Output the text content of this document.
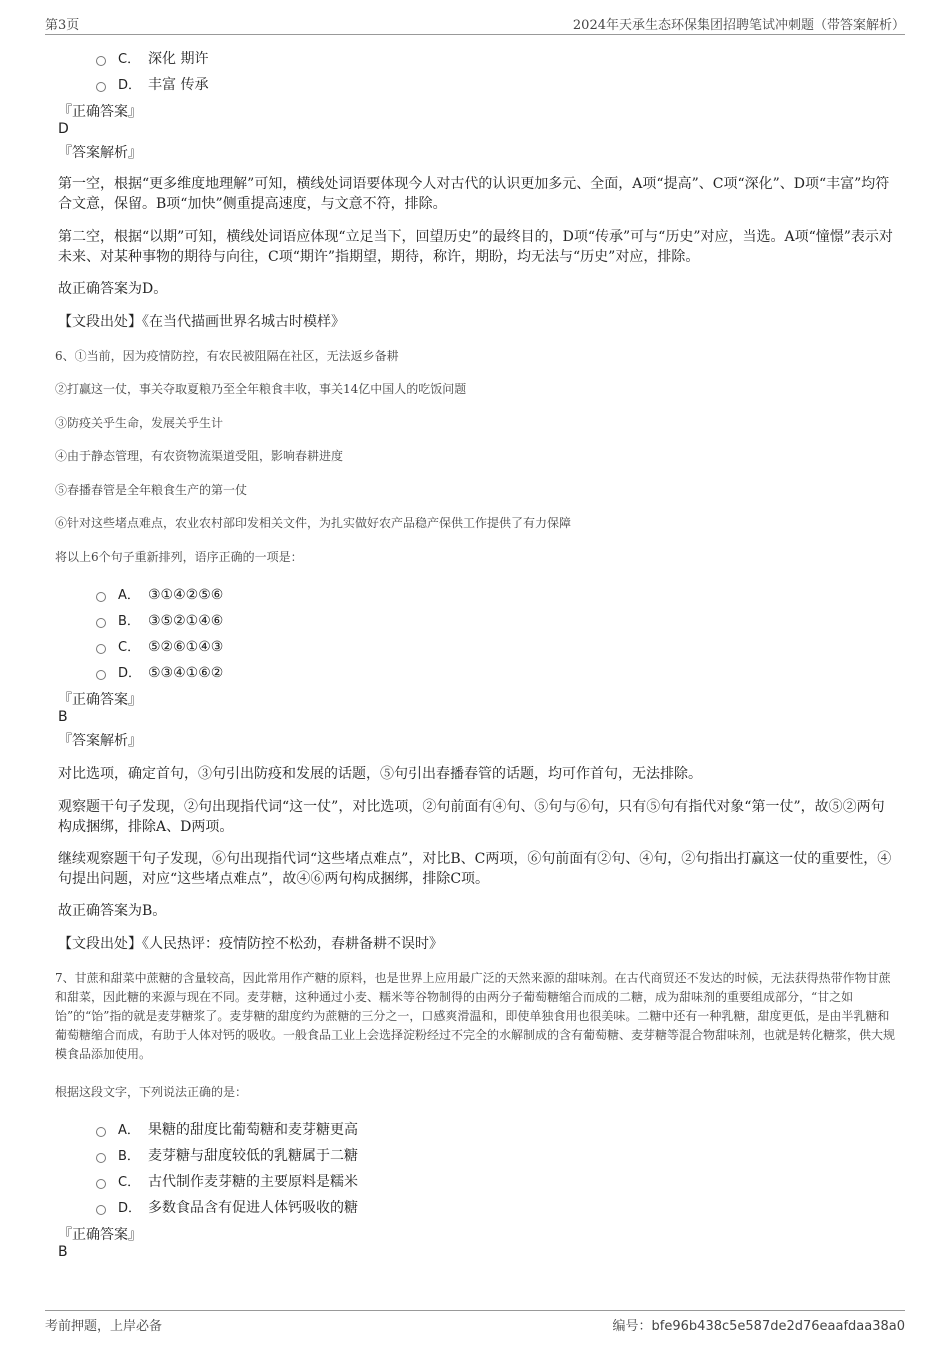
第3页	2024年天承生态环保集团招聘笔试冲刺题（带答案解析）
C． 深化 期许
D． 丰富 传承
『正确答案』
D
『答案解析』
第一空，根据“更多维度地理解”可知，横线处词语要体现今人对古代的认识更加多元、全面，A项“提高”、C项“深化”、D项“丰富”均符合文意，保留。B项“加快”侧重提高速度，与文意不符，排除。
第二空，根据“以期”可知，横线处词语应体现“立足当下，回望历史”的最终目的，D项“传承”可与“历史”对应，当选。A项“憧憬”表示对未来、对某种事物的期待与向往，C项“期许”指期望，期待，称许，期盼，均无法与“历史”对应，排除。
故正确答案为D。
【文段出处】《在当代描画世界名城古时模样》
6、①当前，因为疫情防控，有农民被阻隔在社区，无法返乡备耕
②打赢这一仗，事关夺取夏粮乃至全年粮食丰收，事关14亿中国人的吃饭问题
③防疫关乎生命，发展关乎生计
④由于静态管理，有农资物流渠道受阻，影响春耕进度
⑤春播春管是全年粮食生产的第一仗
⑥针对这些堵点难点，农业农村部印发相关文件，为扎实做好农产品稳产保供工作提供了有力保障
将以上6个句子重新排列，语序正确的一项是：
A． ③①④②⑤⑥
B． ③⑤②①④⑥
C． ⑤②⑥①④③
D． ⑤③④①⑥②
『正确答案』
B
『答案解析』
对比选项，确定首句，③句引出防疫和发展的话题，⑤句引出春播春管的话题，均可作首句，无法排除。
观察题干句子发现，②句出现指代词“这一仗”，对比选项，②句前面有④句、⑤句与⑥句，只有⑤句有指代对象“第一仗”，故⑤②两句构成捆绑，排除A、D两项。
继续观察题干句子发现，⑥句出现指代词“这些堵点难点”，对比B、C两项，⑥句前面有②句、④句，②句指出打赢这一仗的重要性，④句提出问题，对应“这些堵点难点”，故④⑥两句构成捆绑，排除C项。
故正确答案为B。
【文段出处】《人民热评：疫情防控不松劲，春耕备耕不误时》
7、甘蔗和甜菜中蔗糖的含量较高，因此常用作产糖的原料，也是世界上应用最广泛的天然来源的甜味剂。在古代商贸还不发达的时候，无法获得热带作物甘蔗和甜菜，因此糖的来源与现在不同。麦芽糖，这种通过小麦、糯米等谷物制得的由两分子葡萄糖缩合而成的二糖，成为甜味剂的重要组成部分，“甘之如饴”的“饴”指的就是麦芽糖浆了。麦芽糖的甜度约为蔗糖的三分之一，口感爽滑温和，即使单独食用也很美味。二糖中还有一种乳糖，甜度更低，是由半乳糖和葡萄糖缩合而成，有助于人体对钙的吸收。一般食品工业上会选择淀粉经过不完全的水解制成的含有葡萄糖、麦芽糖等混合物甜味剂，也就是转化糖浆，供大规模食品添加使用。
根据这段文字，下列说法正确的是：
A． 果糖的甜度比葡萄糖和麦芽糖更高
B． 麦芽糖与甜度较低的乳糖属于二糖
C． 古代制作麦芽糖的主要原料是糯米
D． 多数食品含有促进人体钙吸收的糖
『正确答案』
B
考前押题，上岸必备	编号：bfe96b438c5e587de2d76eaafdaa38a0
